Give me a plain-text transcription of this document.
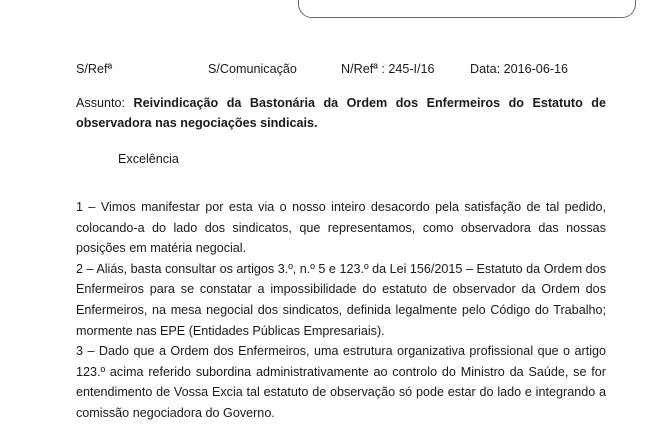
S/Refª	S/Comunicação	N/Refª : 245-I/16	Data: 2016-06-16
Assunto: Reivindicação da Bastonária da Ordem dos Enfermeiros do Estatuto de observadora nas negociações sindicais.
Excelência

1 – Vimos manifestar por esta via o nosso inteiro desacordo pela satisfação de tal pedido, colocando-a do lado dos sindicatos, que representamos, como observadora das nossas posições em matéria negocial.

2 – Aliás, basta consultar os artigos 3.º, n.º 5 e 123.º da Lei 156/2015 – Estatuto da Ordem dos Enfermeiros para se constatar a impossibilidade do estatuto de observador da Ordem dos Enfermeiros, na mesa negocial dos sindicatos, definida legalmente pelo Código do Trabalho; mormente nas EPE (Entidades Públicas Empresariais).

3 – Dado que a Ordem dos Enfermeiros, uma estrutura organizativa profissional que o artigo 123.º acima referido subordina administrativamente ao controlo do Ministro da Saúde, se for entendimento de Vossa Excia tal estatuto de observação só pode estar do lado e integrando a comissão negociadora do Governo.
